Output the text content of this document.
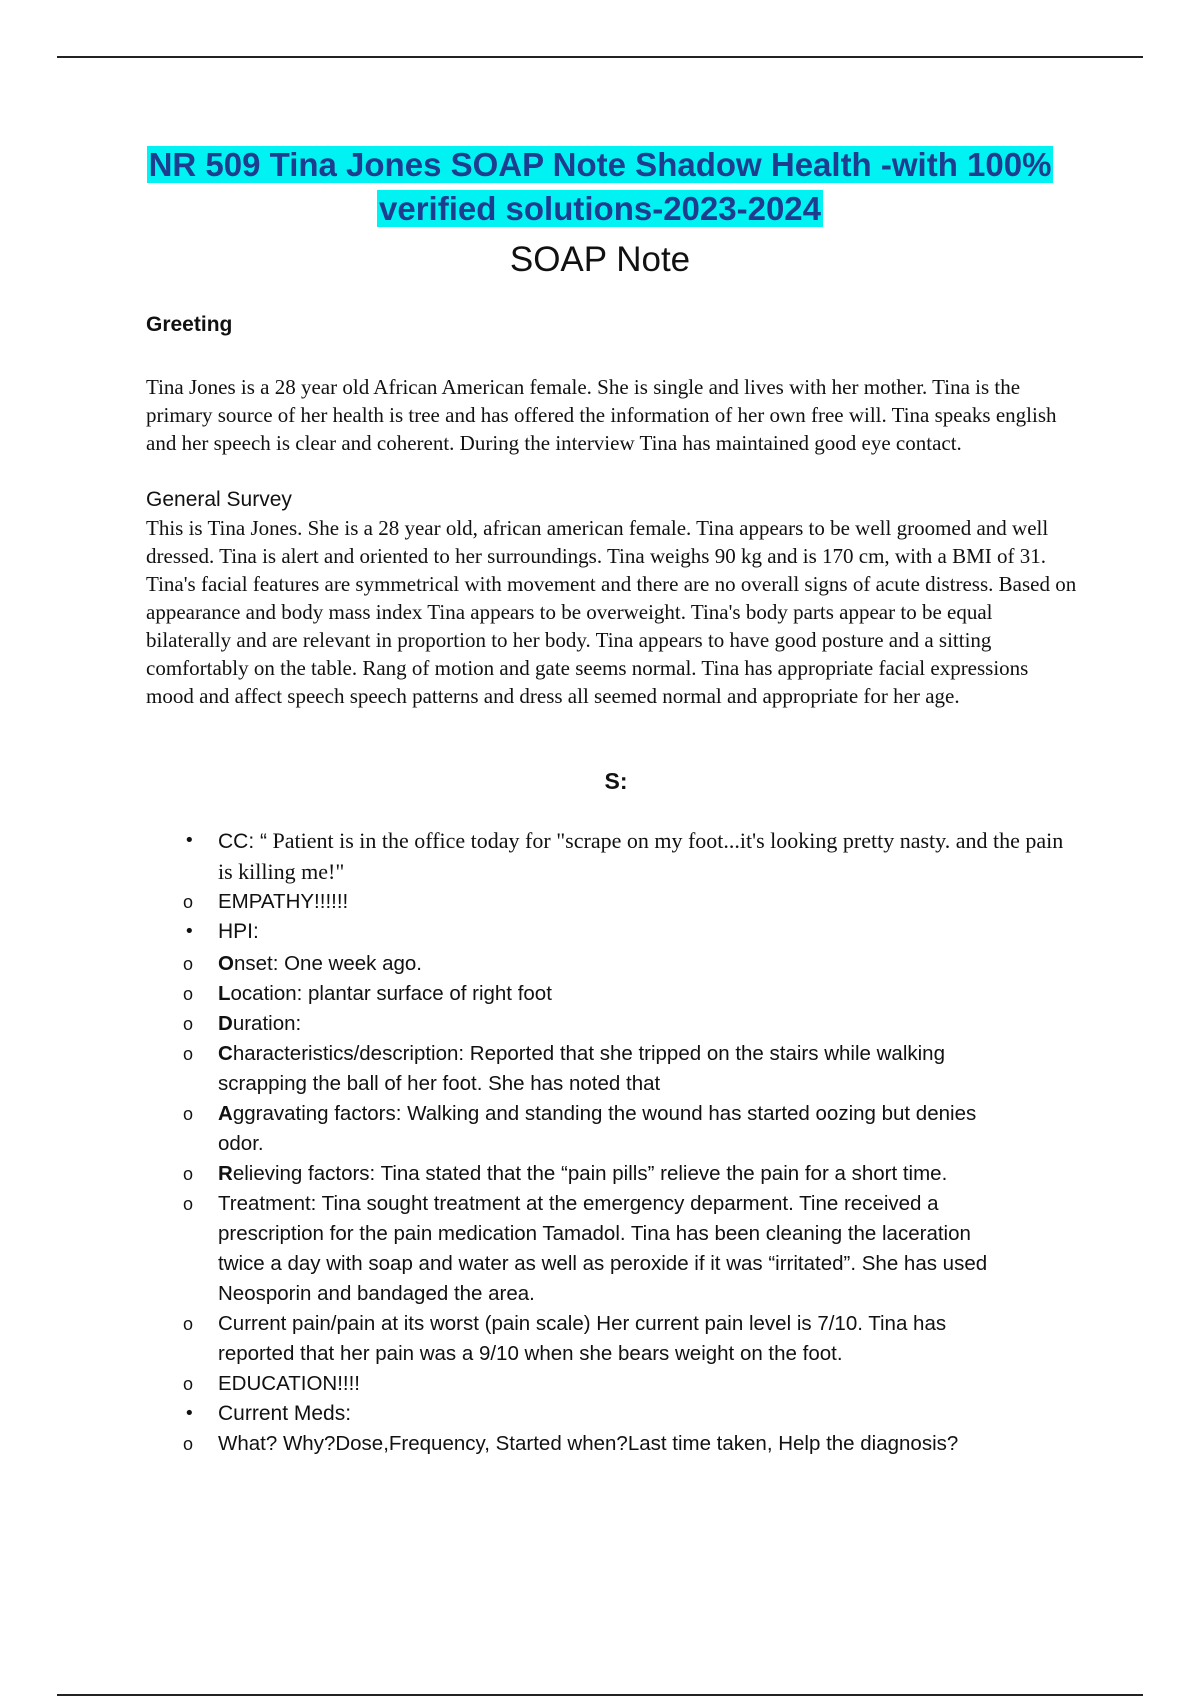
NR 509 Tina Jones SOAP Note Shadow Health -with 100%
verified solutions-2023-2024
SOAP Note
Greeting
Tina Jones is a 28 year old African American female. She is single and lives with her mother. Tina is the primary source of her health is tree and has offered the information of her own free will. Tina speaks english and her speech is clear and coherent. During the interview Tina has maintained good eye contact.
General Survey
This is Tina Jones. She is a 28 year old, african american female. Tina appears to be well groomed and well dressed. Tina is alert and oriented to her surroundings. Tina weighs 90 kg and is 170 cm, with a BMI of 31. Tina's facial features are symmetrical with movement and there are no overall signs of acute distress. Based on appearance and body mass index Tina appears to be overweight. Tina's body parts appear to be equal bilaterally and are relevant in proportion to her body. Tina appears to have good posture and a sitting comfortably on the table. Rang of motion and gate seems normal. Tina has appropriate facial expressions mood and affect speech speech patterns and dress all seemed normal and appropriate for her age.
S:
• CC: “ Patient is in the office today for "scrape on my foot...it's looking pretty nasty. and the pain is killing me!"
o EMPATHY!!!!!!
• HPI:
o Onset: One week ago.
o Location: plantar surface of right foot
o Duration:
o Characteristics/description: Reported that she tripped on the stairs while walking scrapping the ball of her foot. She has noted that
o Aggravating factors: Walking and standing the wound has started oozing but denies odor.
o Relieving factors: Tina stated that the “pain pills” relieve the pain for a short time.
o Treatment: Tina sought treatment at the emergency deparment. Tine received a prescription for the pain medication Tamadol. Tina has been cleaning the laceration twice a day with soap and water as well as peroxide if it was “irritated”. She has used Neosporin and bandaged the area.
o Current pain/pain at its worst (pain scale) Her current pain level is 7/10. Tina has reported that her pain was a 9/10 when she bears weight on the foot.
o EDUCATION!!!!
• Current Meds:
o What? Why?Dose,Frequency, Started when?Last time taken, Help the diagnosis?
